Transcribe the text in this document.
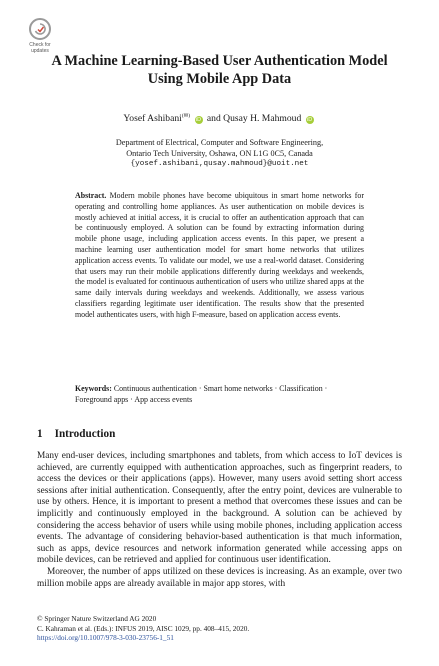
Check for updates
A Machine Learning-Based User Authentication Model Using Mobile App Data
Yosef Ashibani(✉) iD and Qusay H. Mahmoud iD
Department of Electrical, Computer and Software Engineering,
Ontario Tech University, Oshawa, ON L1G 0C5, Canada
{yosef.ashibani,qusay.mahmoud}@uoit.net
Abstract. Modern mobile phones have become ubiquitous in smart home networks for operating and controlling home appliances. As user authentication on mobile devices is mostly achieved at initial access, it is crucial to offer an authentication approach that can be continuously employed. A solution can be found by extracting information during mobile phone usage, including application access events. In this paper, we present a machine learning user authentication model for smart home networks that utilizes application access events. To validate our model, we use a real-world dataset. Considering that users may run their mobile applications differently during weekdays and weekends, the model is evaluated for continuous authentication of users who utilize shared apps at the same daily intervals during weekdays and weekends. Additionally, we assess various classifiers regarding legitimate user identification. The results show that the presented model authenticates users, with high F-measure, based on application access events.
Keywords: Continuous authentication · Smart home networks · Classification · Foreground apps · App access events
1 Introduction

Many end-user devices, including smartphones and tablets, from which access to IoT devices is achieved, are currently equipped with authentication approaches, such as fingerprint readers, to access the devices or their applications (apps). However, many users avoid setting short access sessions after initial authentication. Consequently, after the entry point, devices are vulnerable to use by others. Hence, it is important to present a method that overcomes these issues and can be implicitly and continuously employed in the background. A solution can be achieved by considering the access behavior of users while using mobile phones, including application access events. The advantage of considering behavior-based authentication is that much information, such as apps, device resources and network information generated while accessing apps on mobile devices, can be retrieved and applied for continuous user identification.

Moreover, the number of apps utilized on these devices is increasing. As an example, over two million mobile apps are already available in major app stores, with

© Springer Nature Switzerland AG 2020
C. Kahraman et al. (Eds.): INFUS 2019, AISC 1029, pp. 408–415, 2020.
https://doi.org/10.1007/978-3-030-23756-1_51
